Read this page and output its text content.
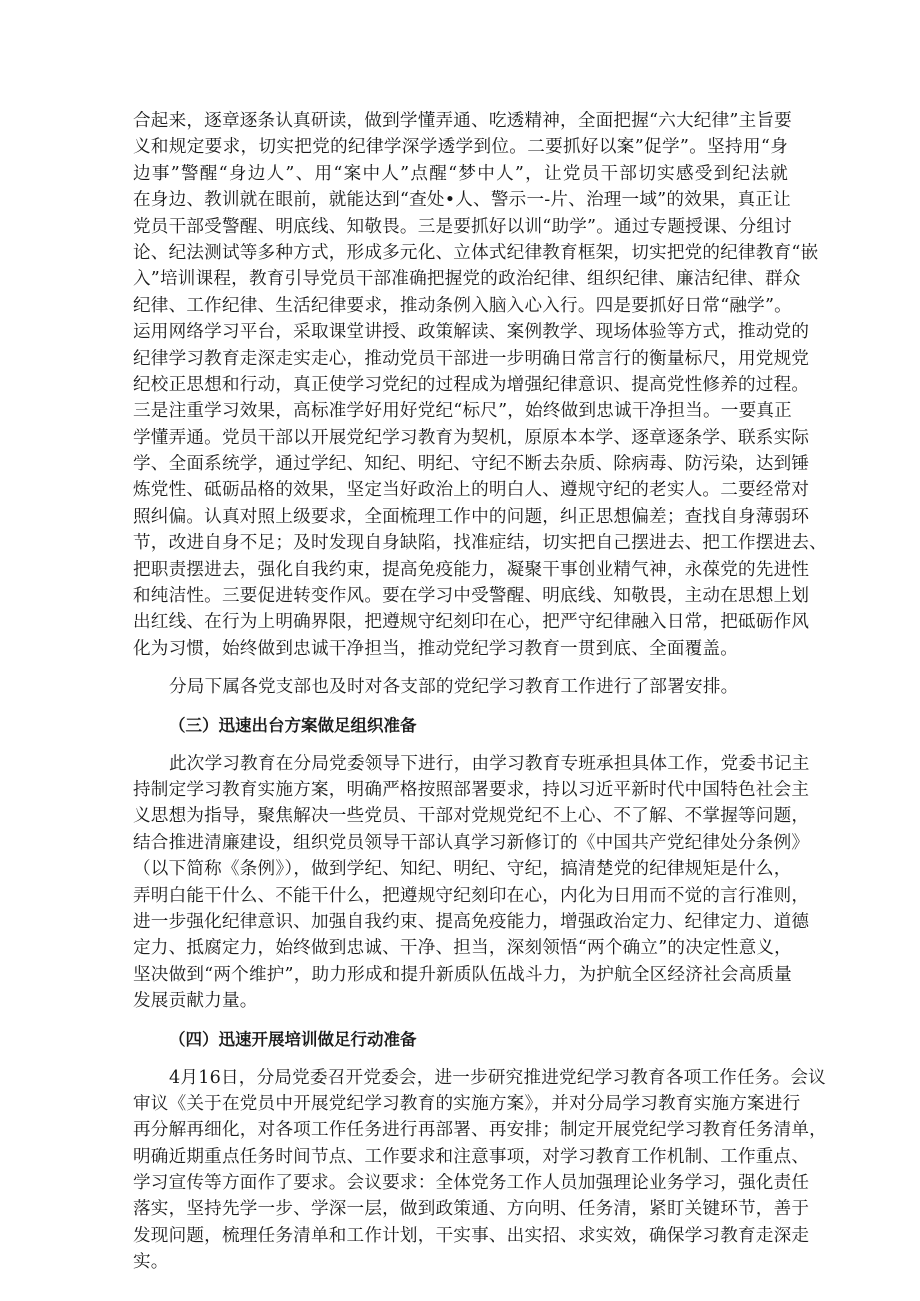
合起来，逐章逐条认真研读，做到学懂弄通、吃透精神，全面把握“六大纪律”主旨要
义和规定要求，切实把党的纪律学深学透学到位。二要抓好以案”促学”。坚持用“身
边事”警醒“身边人”、用“案中人”点醒“梦中人”，让党员干部切实感受到纪法就
在身边、教训就在眼前，就能达到“查处•人、警示一-片、治理一域”的效果，真正让
党员干部受警醒、明底线、知敬畏。三是要抓好以训“助学”。通过专题授课、分组讨
论、纪法测试等多种方式，形成多元化、立体式纪律教育框架，切实把党的纪律教育“嵌
入”培训课程，教育引导党员干部准确把握党的政治纪律、组织纪律、廉洁纪律、群众
纪律、工作纪律、生活纪律要求，推动条例入脑入心入行。四是要抓好日常“融学”。
运用网络学习平台，采取课堂讲授、政策解读、案例教学、现场体验等方式，推动党的
纪律学习教育走深走实走心，推动党员干部进一步明确日常言行的衡量标尺，用党规党
纪校正思想和行动，真正使学习党纪的过程成为增强纪律意识、提高党性修养的过程。
三是注重学习效果，高标准学好用好党纪“标尺”，始终做到忠诚干净担当。一要真正
学懂弄通。党员干部以开展党纪学习教育为契机，原原本本学、逐章逐条学、联系实际
学、全面系统学，通过学纪、知纪、明纪、守纪不断去杂质、除病毒、防污染，达到锤
炼党性、砥砺品格的效果，坚定当好政治上的明白人、遵规守纪的老实人。二要经常对
照纠偏。认真对照上级要求，全面梳理工作中的问题，纠正思想偏差；查找自身薄弱环
节，改进自身不足；及时发现自身缺陷，找准症结，切实把自己摆进去、把工作摆进去、
把职责摆进去，强化自我约束，提高免疫能力，凝聚干事创业精气神，永葆党的先进性
和纯洁性。三要促进转变作风。要在学习中受警醒、明底线、知敬畏，主动在思想上划
出红线、在行为上明确界限，把遵规守纪刻印在心，把严守纪律融入日常，把砥砺作风
化为习惯，始终做到忠诚干净担当，推动党纪学习教育一贯到底、全面覆盖。
分局下属各党支部也及时对各支部的党纪学习教育工作进行了部署安排。
（三）迅速出台方案做足组织准备
此次学习教育在分局党委领导下进行，由学习教育专班承担具体工作，党委书记主
持制定学习教育实施方案，明确严格按照部署要求，持以习近平新时代中国特色社会主
义思想为指导，聚焦解决一些党员、干部对党规党纪不上心、不了解、不掌握等问题，
结合推进清廉建设，组织党员领导干部认真学习新修订的《中国共产党纪律处分条例》
（以下简称《条例》），做到学纪、知纪、明纪、守纪，搞清楚党的纪律规矩是什么，
弄明白能干什么、不能干什么，把遵规守纪刻印在心，内化为日用而不觉的言行准则，
进一步强化纪律意识、加强自我约束、提高免疫能力，增强政治定力、纪律定力、道德
定力、抵腐定力，始终做到忠诚、干净、担当，深刻领悟“两个确立”的决定性意义，
坚决做到“两个维护”，助力形成和提升新质队伍战斗力，为护航全区经济社会高质量
发展贡献力量。
（四）迅速开展培训做足行动准备
4月16日，分局党委召开党委会，进一步研究推进党纪学习教育各项工作任务。会议
审议《关于在党员中开展党纪学习教育的实施方案》，并对分局学习教育实施方案进行
再分解再细化，对各项工作任务进行再部署、再安排；制定开展党纪学习教育任务清单，
明确近期重点任务时间节点、工作要求和注意事项，对学习教育工作机制、工作重点、
学习宣传等方面作了要求。会议要求：全体党务工作人员加强理论业务学习，强化责任
落实，坚持先学一步、学深一层，做到政策通、方向明、任务清，紧盯关键环节，善于
发现问题，梳理任务清单和工作计划，干实事、出实招、求实效，确保学习教育走深走
实。
